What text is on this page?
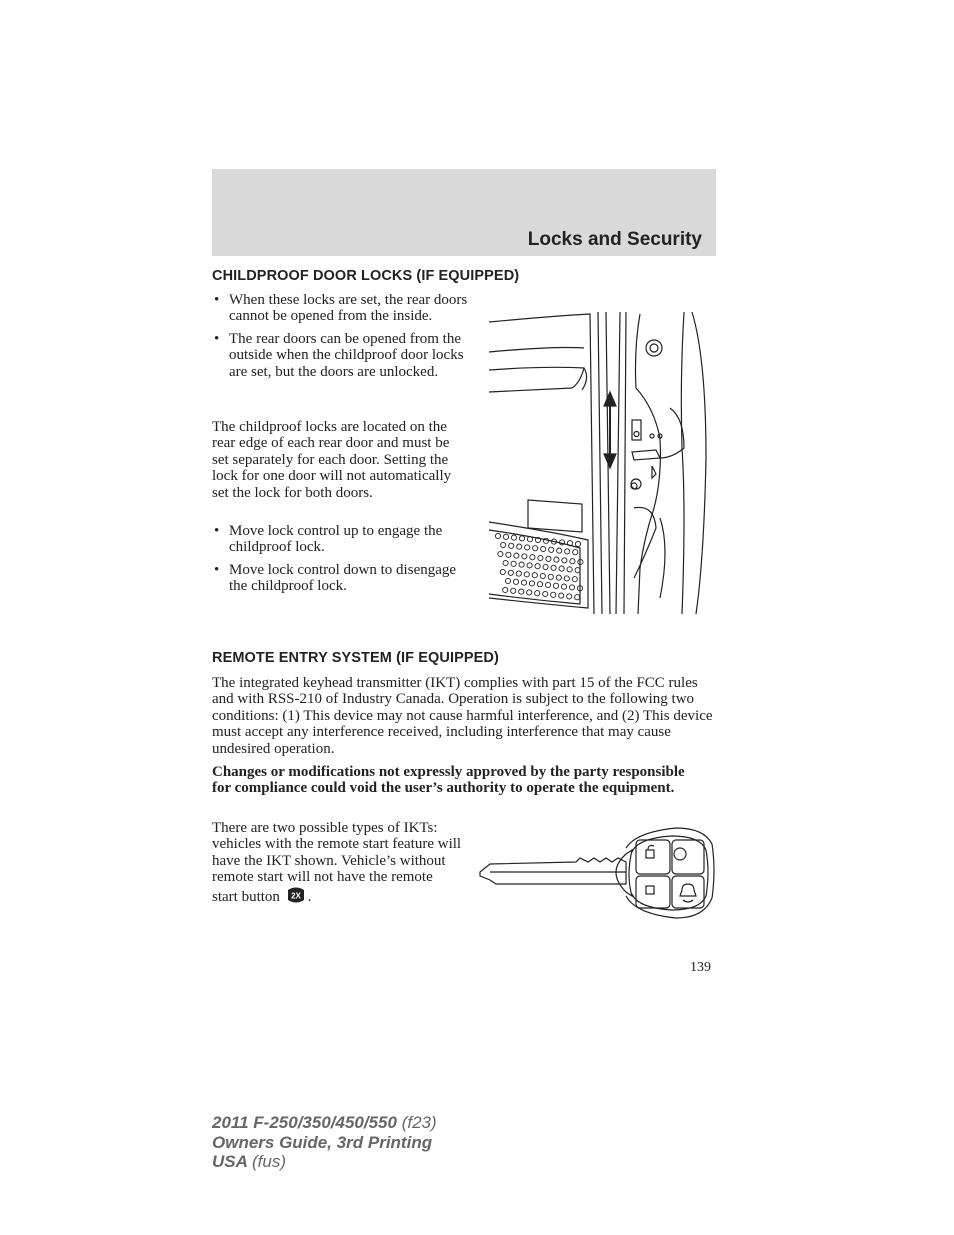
Locks and Security
CHILDPROOF DOOR LOCKS (IF EQUIPPED)
• When these locks are set, the rear doors cannot be opened from the inside.
• The rear doors can be opened from the outside when the childproof door locks are set, but the doors are unlocked.
The childproof locks are located on the rear edge of each rear door and must be set separately for each door. Setting the lock for one door will not automatically set the lock for both doors.
• Move lock control up to engage the childproof lock.
• Move lock control down to disengage the childproof lock.
REMOTE ENTRY SYSTEM (IF EQUIPPED)
The integrated keyhead transmitter (IKT) complies with part 15 of the FCC rules and with RSS-210 of Industry Canada. Operation is subject to the following two conditions: (1) This device may not cause harmful interference, and (2) This device must accept any interference received, including interference that may cause undesired operation.
Changes or modifications not expressly approved by the party responsible for compliance could void the user’s authority to operate the equipment.
There are two possible types of IKTs: vehicles with the remote start feature will have the IKT shown. Vehicle’s without remote start will not have the remote start button 2X .
139
2011 F-250/350/450/550 (f23)
Owners Guide, 3rd Printing
USA (fus)
